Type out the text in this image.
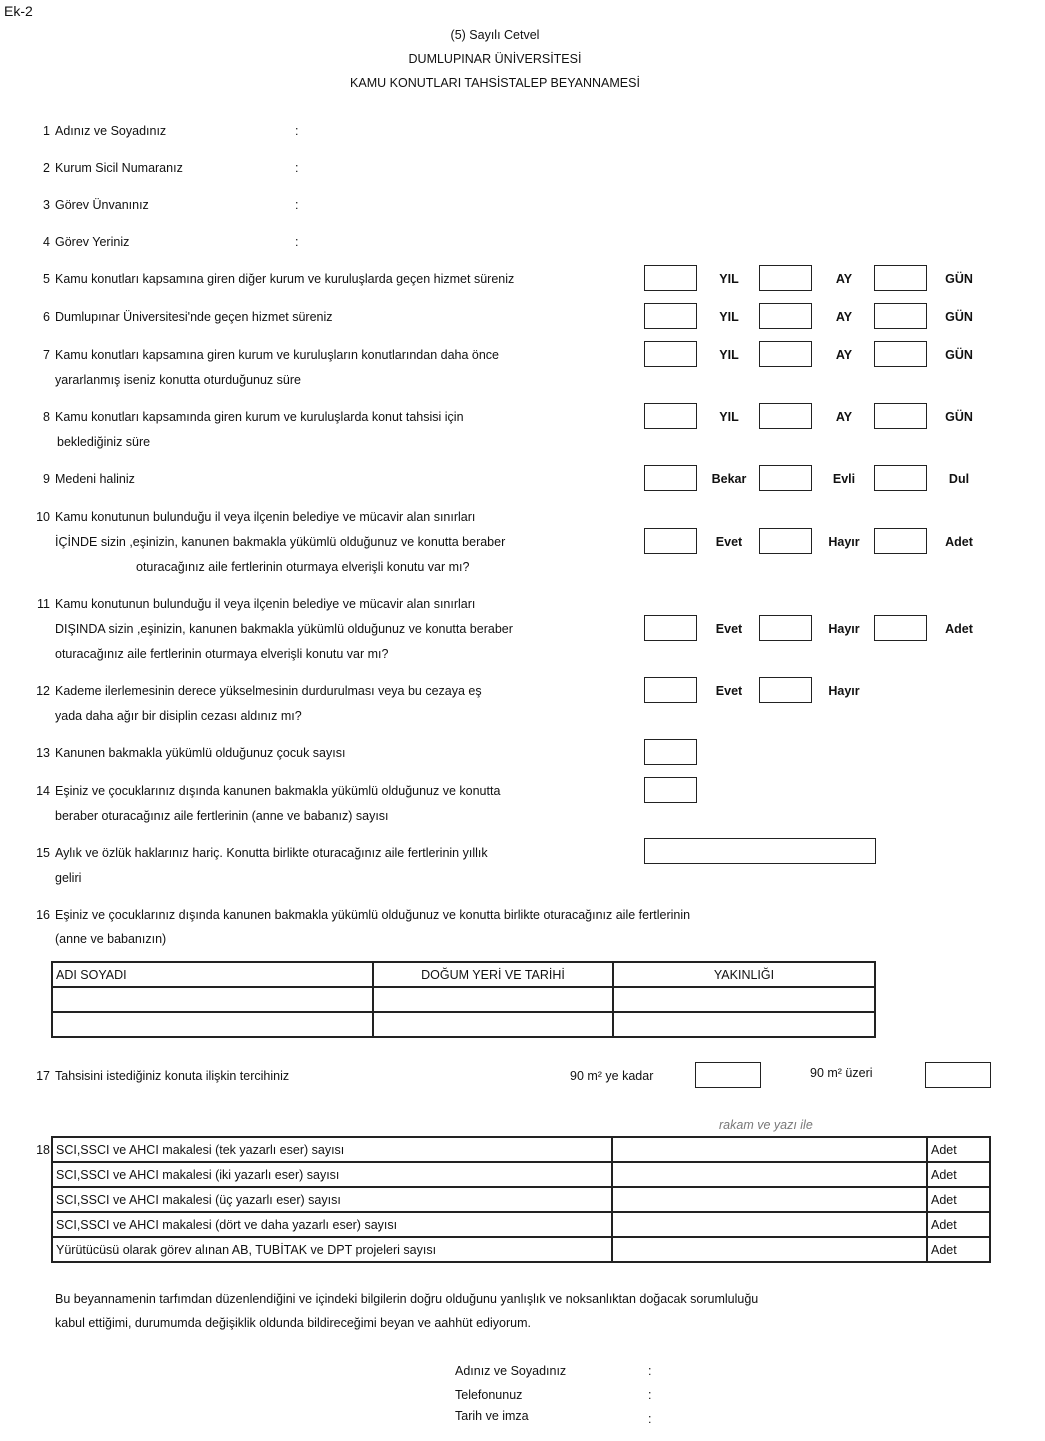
Ek-2
(5) Sayılı Cetvel
DUMLUPINAR ÜNİVERSİTESİ
KAMU KONUTLARI TAHSİSTALEP BEYANNAMESİ
1 Adınız ve Soyadınız	:
2 Kurum Sicil Numaranız	:
3 Görev Ünvanınız	:
4 Görev Yeriniz	:
5 Kamu konutları kapsamına giren diğer kurum ve kuruluşlarda geçen hizmet süreniz	YIL	AY	GÜN
6 Dumlupınar Üniversitesi'nde geçen hizmet süreniz	YIL	AY	GÜN
7 Kamu konutları kapsamına giren kurum ve kuruluşların konutlarından daha önce
yararlanmış iseniz konutta oturduğunuz süre
YIL	AY	GÜN
8 Kamu konutları kapsamında giren kurum ve kuruluşlarda konut tahsisi için
beklediğiniz süre
YIL	AY	GÜN
9 Medeni haliniz	Bekar	Evli	Dul
10 Kamu konutunun bulunduğu il veya ilçenin belediye ve mücavir alan sınırları
İÇİNDE sizin ,eşinizin, kanunen bakmakla yükümlü olduğunuz ve konutta beraber
oturacağınız aile fertlerinin oturmaya elverişli konutu var mı?
Evet	Hayır	Adet
11 Kamu konutunun bulunduğu il veya ilçenin belediye ve mücavir alan sınırları
DIŞINDA sizin ,eşinizin, kanunen bakmakla yükümlü olduğunuz ve konutta beraber
oturacağınız aile fertlerinin oturmaya elverişli konutu var mı?
Evet	Hayır	Adet
12 Kademe ilerlemesinin derece yükselmesinin durdurulması veya bu cezaya eş
yada daha ağır bir disiplin cezası aldınız mı?
Evet	Hayır
13 Kanunen bakmakla yükümlü olduğunuz çocuk sayısı
14 Eşiniz ve çocuklarınız dışında kanunen bakmakla yükümlü olduğunuz ve konutta
beraber oturacağınız aile fertlerinin (anne ve babanız) sayısı
15 Aylık ve özlük haklarınız hariç. Konutta birlikte oturacağınız aile fertlerinin yıllık
geliri
16 Eşiniz ve çocuklarınız dışında kanunen bakmakla yükümlü olduğunuz ve konutta birlikte oturacağınız aile fertlerinin
(anne ve babanızın)
ADI SOYADI	DOĞUM YERİ VE TARİHİ	YAKINLIĞI

17 Tahsisini istediğiniz konuta ilişkin tercihiniz	90 m² ye kadar	90 m² üzeri
rakam ve yazı ile
18 SCI,SSCI ve AHCI makalesi (tek yazarlı eser) sayısı		Adet
SCI,SSCI ve AHCI makalesi (iki yazarlı eser) sayısı		Adet
SCI,SSCI ve AHCI makalesi (üç yazarlı eser) sayısı		Adet
SCI,SSCI ve AHCI makalesi (dört ve daha yazarlı eser) sayısı		Adet
Yürütücüsü olarak görev alınan AB, TUBİTAK ve DPT projeleri sayısı		Adet
Bu beyannamenin tarfımdan düzenlendiğini ve içindeki bilgilerin doğru olduğunu yanlışlık ve noksanlıktan doğacak sorumluluğu
kabul ettiğimi, durumumda değişiklik oldunda bildireceğimi beyan ve aahhüt ediyorum.
Adınız ve Soyadınız	:
Telefonunuz	:
Tarih ve imza	:
